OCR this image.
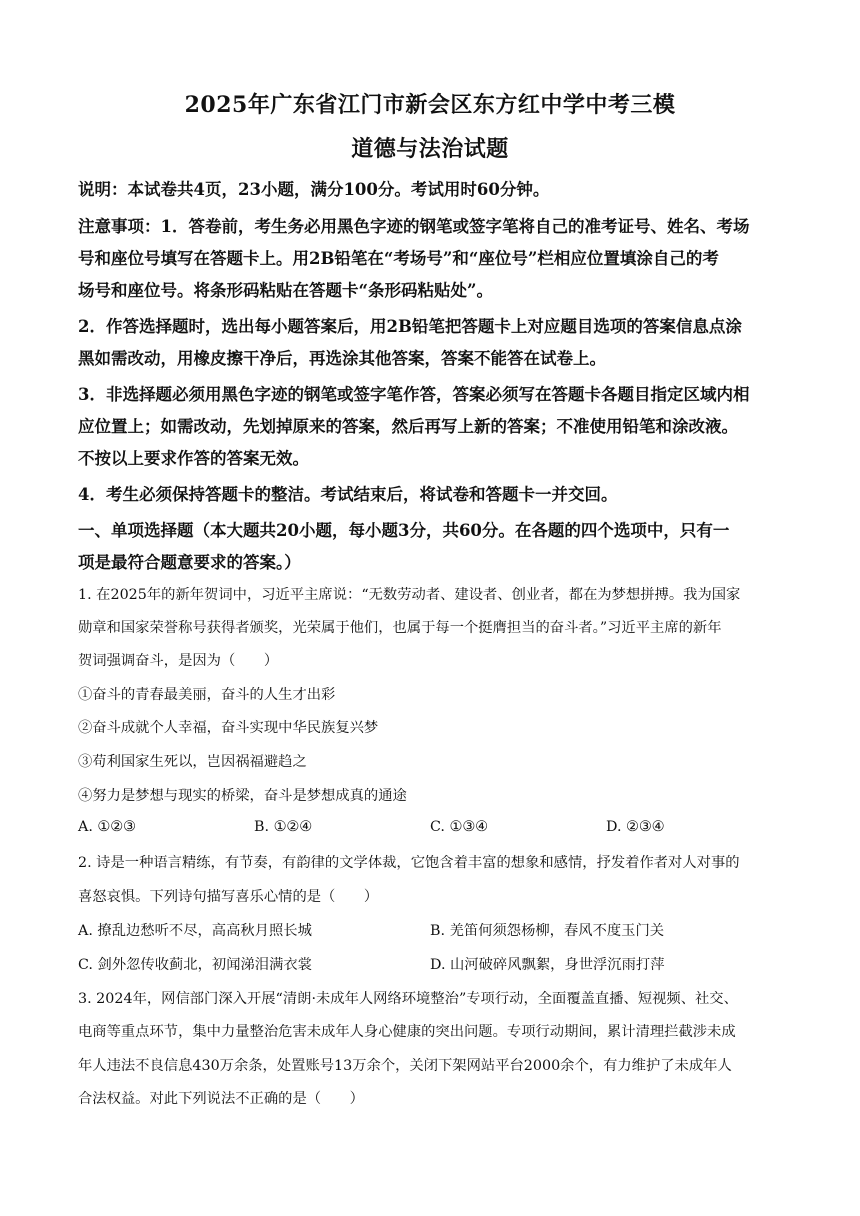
2025年广东省江门市新会区东方红中学中考三模
道德与法治试题
说明：本试卷共4页，23小题，满分100分。考试用时60分钟。
注意事项：1．答卷前，考生务必用黑色字迹的钢笔或签字笔将自己的准考证号、姓名、考场
号和座位号填写在答题卡上。用2B铅笔在“考场号”和“座位号”栏相应位置填涂自己的考
场号和座位号。将条形码粘贴在答题卡“条形码粘贴处”。
2．作答选择题时，选出每小题答案后，用2B铅笔把答题卡上对应题目选项的答案信息点涂
黑如需改动，用橡皮擦干净后，再选涂其他答案，答案不能答在试卷上。
3．非选择题必须用黑色字迹的钢笔或签字笔作答，答案必须写在答题卡各题目指定区域内相
应位置上；如需改动，先划掉原来的答案，然后再写上新的答案；不准使用铅笔和涂改液。
不按以上要求作答的答案无效。
4．考生必须保持答题卡的整洁。考试结束后，将试卷和答题卡一并交回。
一、单项选择题（本大题共20小题，每小题3分，共60分。在各题的四个选项中，只有一
项是最符合题意要求的答案。）
1. 在2025年的新年贺词中，习近平主席说：“无数劳动者、建设者、创业者，都在为梦想拼搏。我为国家
勋章和国家荣誉称号获得者颁奖，光荣属于他们，也属于每一个挺膺担当的奋斗者。”习近平主席的新年
贺词强调奋斗，是因为（　　）
①奋斗的青春最美丽，奋斗的人生才出彩
②奋斗成就个人幸福，奋斗实现中华民族复兴梦
③苟利国家生死以，岂因祸福避趋之
④努力是梦想与现实的桥梁，奋斗是梦想成真的通途
A. ①②③	B. ①②④	C. ①③④	D. ②③④
2. 诗是一种语言精练，有节奏，有韵律的文学体裁，它饱含着丰富的想象和感情，抒发着作者对人对事的
喜怒哀惧。下列诗句描写喜乐心情的是（　　）
A. 撩乱边愁听不尽，高高秋月照长城	B. 羌笛何须怨杨柳，春风不度玉门关
C. 剑外忽传收蓟北，初闻涕泪满衣裳	D. 山河破碎风飘絮，身世浮沉雨打萍
3. 2024年，网信部门深入开展“清朗·未成年人网络环境整治”专项行动，全面覆盖直播、短视频、社交、
电商等重点环节，集中力量整治危害未成年人身心健康的突出问题。专项行动期间，累计清理拦截涉未成
年人违法不良信息430万余条，处置账号13万余个，关闭下架网站平台2000余个，有力维护了未成年人
合法权益。对此下列说法不正确的是（　　）
